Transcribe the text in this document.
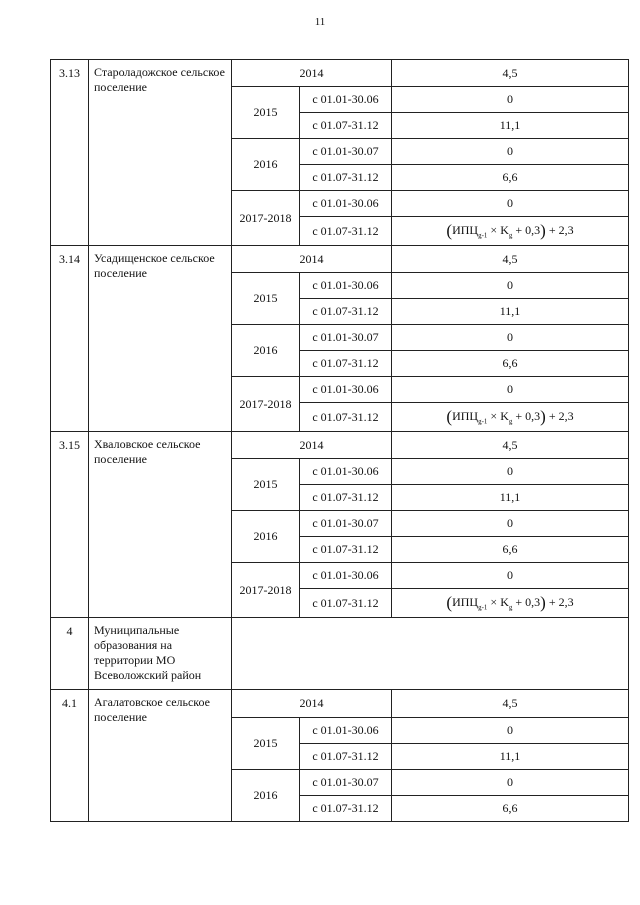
11
3.13	Староладожское сельское поселение	2014		4,5
		2015	с 01.01-30.06	0
			с 01.07-31.12	11,1
		2016	с 01.01-30.07	0
			с 01.07-31.12	6,6
		2017-2018	с 01.01-30.06	0
			с 01.07-31.12	$(ИПЦ_{g-1} \times K_g + 0,3) + 2,3$
3.14	Усадищенское сельское поселение	2014		4,5
		2015	с 01.01-30.06	0
			с 01.07-31.12	11,1
		2016	с 01.01-30.07	0
			с 01.07-31.12	6,6
		2017-2018	с 01.01-30.06	0
			с 01.07-31.12	$(ИПЦ_{g-1} \times K_g + 0,3) + 2,3$
3.15	Хваловское сельское поселение	2014		4,5
		2015	с 01.01-30.06	0
			с 01.07-31.12	11,1
		2016	с 01.01-30.07	0
			с 01.07-31.12	6,6
		2017-2018	с 01.01-30.06	0
			с 01.07-31.12	$(ИПЦ_{g-1} \times K_g + 0,3) + 2,3$
4	Муниципальные образования на территории МО Всеволожский район			
4.1	Агалатовское сельское поселение	2014		4,5
		2015	с 01.01-30.06	0
			с 01.07-31.12	11,1
		2016	с 01.01-30.07	0
			с 01.07-31.12	6,6
